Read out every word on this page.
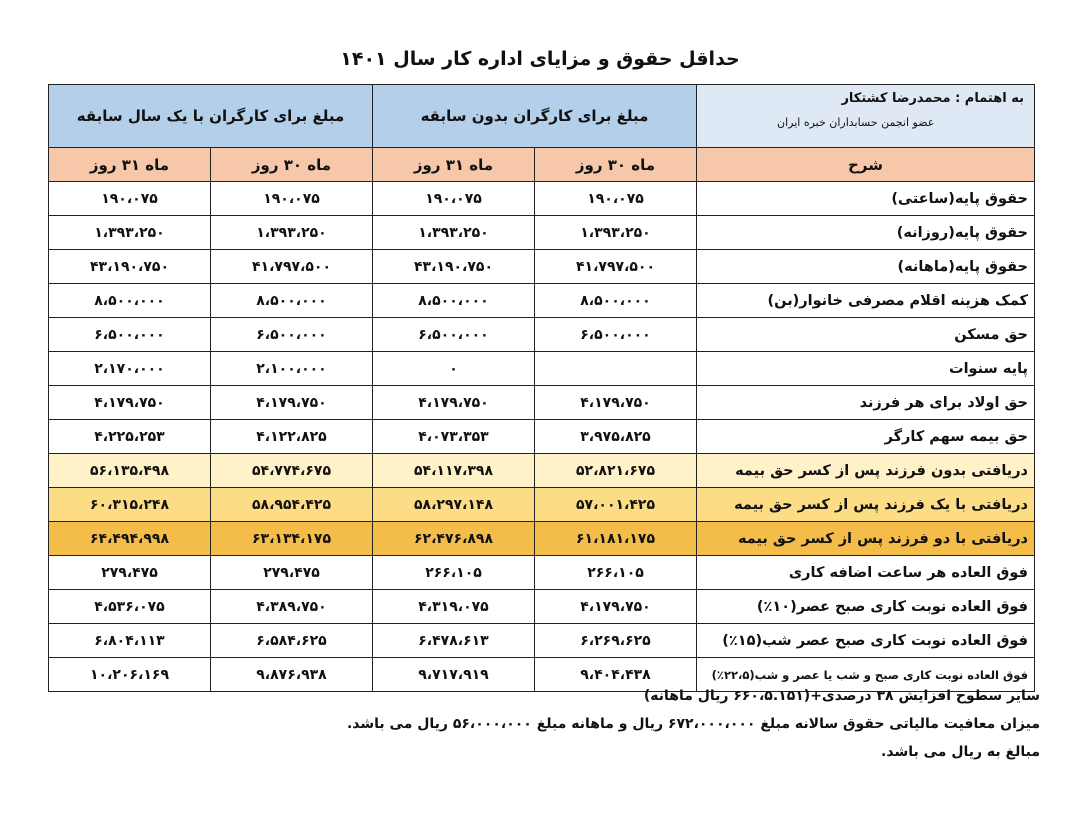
حداقل حقوق و مزایای اداره کار سال ۱۴۰۱
به اهتمام : محمدرضا کشتکار
عضو انجمن حسابداران خبره ایران	مبلغ برای کارگران بدون سابقه		مبلغ برای کارگران با یک سال سابقه	
شرح	ماه ۳۰ روز	ماه ۳۱ روز	ماه ۳۰ روز	ماه ۳۱ روز
حقوق پایه(ساعتی)	۱۹۰،۰۷۵	۱۹۰،۰۷۵	۱۹۰،۰۷۵	۱۹۰،۰۷۵
حقوق پایه(روزانه)	۱،۳۹۳،۲۵۰	۱،۳۹۳،۲۵۰	۱،۳۹۳،۲۵۰	۱،۳۹۳،۲۵۰
حقوق پایه(ماهانه)	۴۱،۷۹۷،۵۰۰	۴۳،۱۹۰،۷۵۰	۴۱،۷۹۷،۵۰۰	۴۳،۱۹۰،۷۵۰
کمک هزینه اقلام مصرفی خانوار(بن)	۸،۵۰۰،۰۰۰	۸،۵۰۰،۰۰۰	۸،۵۰۰،۰۰۰	۸،۵۰۰،۰۰۰
حق مسکن	۶،۵۰۰،۰۰۰	۶،۵۰۰،۰۰۰	۶،۵۰۰،۰۰۰	۶،۵۰۰،۰۰۰
پایه سنوات		۰	۲،۱۰۰،۰۰۰	۲،۱۷۰،۰۰۰
حق اولاد برای هر فرزند	۴،۱۷۹،۷۵۰	۴،۱۷۹،۷۵۰	۴،۱۷۹،۷۵۰	۴،۱۷۹،۷۵۰
حق بیمه سهم کارگر	۳،۹۷۵،۸۲۵	۴،۰۷۳،۳۵۳	۴،۱۲۲،۸۲۵	۴،۲۲۵،۲۵۳
دریافتی بدون فرزند پس از کسر حق بیمه	۵۲،۸۲۱،۶۷۵	۵۴،۱۱۷،۳۹۸	۵۴،۷۷۴،۶۷۵	۵۶،۱۳۵،۴۹۸
دریافتی با یک فرزند پس از کسر حق بیمه	۵۷،۰۰۱،۴۲۵	۵۸،۲۹۷،۱۴۸	۵۸،۹۵۴،۴۲۵	۶۰،۳۱۵،۲۴۸
دریافتی با دو فرزند پس از کسر حق بیمه	۶۱،۱۸۱،۱۷۵	۶۲،۴۷۶،۸۹۸	۶۳،۱۳۴،۱۷۵	۶۴،۴۹۴،۹۹۸
فوق العاده هر ساعت اضافه کاری	۲۶۶،۱۰۵	۲۶۶،۱۰۵	۲۷۹،۴۷۵	۲۷۹،۴۷۵
فوق العاده نوبت کاری صبح عصر(۱۰٪)	۴،۱۷۹،۷۵۰	۴،۳۱۹،۰۷۵	۴،۳۸۹،۷۵۰	۴،۵۳۶،۰۷۵
فوق العاده نوبت کاری صبح عصر شب(۱۵٪)	۶،۲۶۹،۶۲۵	۶،۴۷۸،۶۱۳	۶،۵۸۴،۶۲۵	۶،۸۰۴،۱۱۳
فوق العاده نوبت کاری صبح و شب یا عصر و شب(۲۲،۵٪)	۹،۴۰۴،۴۳۸	۹،۷۱۷،۹۱۹	۹،۸۷۶،۹۳۸	۱۰،۲۰۶،۱۶۹
سایر سطوح افزایش ۳۸ درصدی+(۶۶۰،۵.۱۵۱ ریال ماهانه)
میزان معافیت مالیاتی حقوق سالانه مبلغ ۶۷۲،۰۰۰،۰۰۰ ریال و ماهانه مبلغ ۵۶،۰۰۰،۰۰۰ ریال می باشد.
مبالغ به ریال می باشد.
